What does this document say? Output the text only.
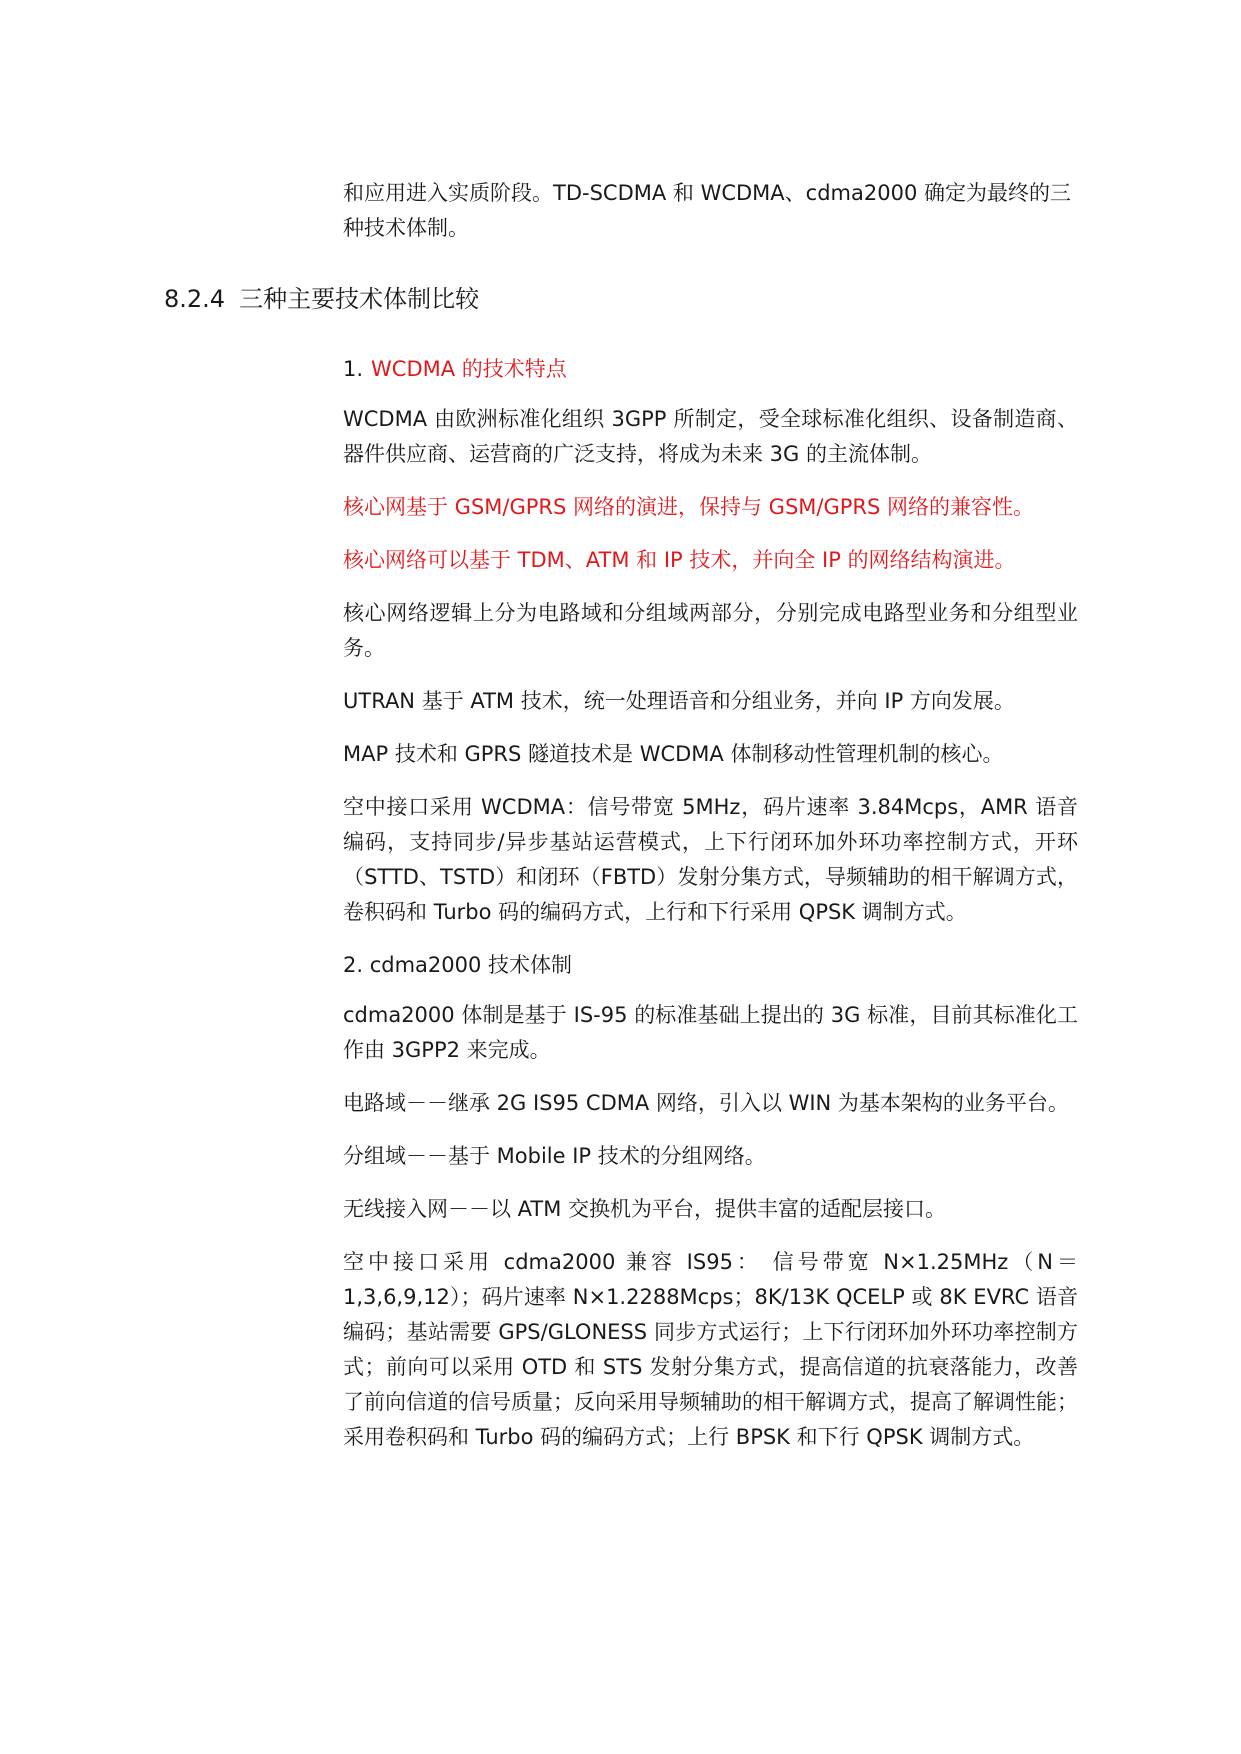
和应用进入实质阶段。TD-SCDMA 和 WCDMA、cdma2000 确定为最终的三

种技术体制。

8.2.4 三种主要技术体制比较
1. WCDMA 的技术特点

WCDMA 由欧洲标准化组织 3GPP 所制定，受全球标准化组织、设备制造商、器件供应商、运营商的广泛支持，将成为未来 3G 的主流体制。

核心网基于 GSM/GPRS 网络的演进，保持与 GSM/GPRS 网络的兼容性。

核心网络可以基于 TDM、ATM 和 IP 技术，并向全 IP 的网络结构演进。

核心网络逻辑上分为电路域和分组域两部分，分别完成电路型业务和分组型业务。

UTRAN 基于 ATM 技术，统一处理语音和分组业务，并向 IP 方向发展。

MAP 技术和 GPRS 隧道技术是 WCDMA 体制移动性管理机制的核心。

空中接口采用 WCDMA：信号带宽 5MHz，码片速率 3.84Mcps，AMR 语音编码，支持同步/异步基站运营模式，上下行闭环加外环功率控制方式，开环（STTD、TSTD）和闭环（FBTD）发射分集方式，导频辅助的相干解调方式，卷积码和 Turbo 码的编码方式，上行和下行采用 QPSK 调制方式。

2. cdma2000 技术体制

cdma2000 体制是基于 IS-95 的标准基础上提出的 3G 标准，目前其标准化工作由 3GPP2 来完成。

电路域－－继承 2G IS95 CDMA 网络，引入以 WIN 为基本架构的业务平台。

分组域－－基于 Mobile IP 技术的分组网络。

无线接入网－－以 ATM 交换机为平台，提供丰富的适配层接口。

空中接口采用 cdma2000 兼容 IS95： 信号带宽 N×1.25MHz（N＝1,3,6,9,12）；码片速率 N×1.2288Mcps；8K/13K QCELP 或 8K EVRC 语音编码；基站需要 GPS/GLONESS 同步方式运行；上下行闭环加外环功率控制方式；前向可以采用 OTD 和 STS 发射分集方式，提高信道的抗衰落能力，改善了前向信道的信号质量；反向采用导频辅助的相干解调方式，提高了解调性能；采用卷积码和 Turbo 码的编码方式；上行 BPSK 和下行 QPSK 调制方式。
